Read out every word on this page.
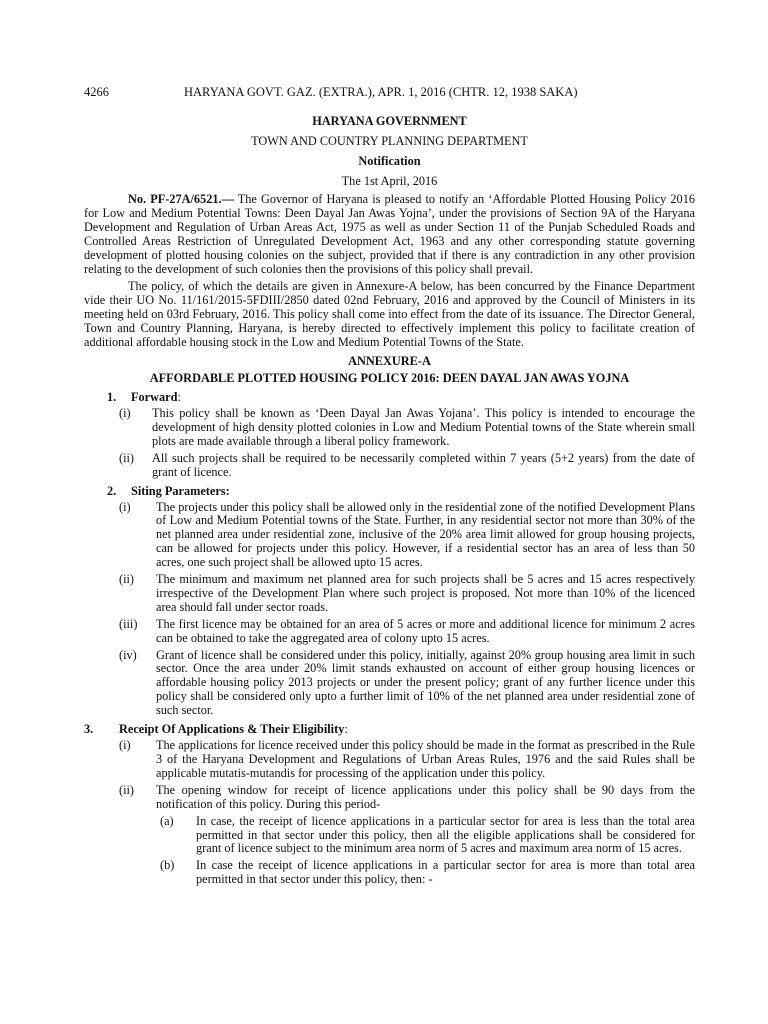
4266	HARYANA GOVT. GAZ. (EXTRA.), APR. 1, 2016 (CHTR. 12, 1938 SAKA)
HARYANA GOVERNMENT
TOWN AND COUNTRY PLANNING DEPARTMENT
Notification
The 1st April, 2016

No. PF-27A/6521.— The Governor of Haryana is pleased to notify an ‘Affordable Plotted Housing Policy 2016 for Low and Medium Potential Towns: Deen Dayal Jan Awas Yojna’, under the provisions of Section 9A of the Haryana Development and Regulation of Urban Areas Act, 1975 as well as under Section 11 of the Punjab Scheduled Roads and Controlled Areas Restriction of Unregulated Development Act, 1963 and any other corresponding statute governing development of plotted housing colonies on the subject, provided that if there is any contradiction in any other provision relating to the development of such colonies then the provisions of this policy shall prevail.

The policy, of which the details are given in Annexure-A below, has been concurred by the Finance Department vide their UO No. 11/161/2015-5FDIII/2850 dated 02nd February, 2016 and approved by the Council of Ministers in its meeting held on 03rd February, 2016. This policy shall come into effect from the date of its issuance. The Director General, Town and Country Planning, Haryana, is hereby directed to effectively implement this policy to facilitate creation of additional affordable housing stock in the Low and Medium Potential Towns of the State.

ANNEXURE-A
AFFORDABLE PLOTTED HOUSING POLICY 2016: DEEN DAYAL JAN AWAS YOJNA
1.	Forward :
(i)	This policy shall be known as ‘Deen Dayal Jan Awas Yojana’. This policy is intended to encourage the development of high density plotted colonies in Low and Medium Potential towns of the State wherein small plots are made available through a liberal policy framework.
(ii)	All such projects shall be required to be necessarily completed within 7 years (5+2 years) from the date of grant of licence.
2.	Siting Parameters:
(i)	The projects under this policy shall be allowed only in the residential zone of the notified Development Plans of Low and Medium Potential towns of the State. Further, in any residential sector not more than 30% of the net planned area under residential zone, inclusive of the 20% area limit allowed for group housing projects, can be allowed for projects under this policy. However, if a residential sector has an area of less than 50 acres, one such project shall be allowed upto 15 acres.
(ii)	The minimum and maximum net planned area for such projects shall be 5 acres and 15 acres respectively irrespective of the Development Plan where such project is proposed. Not more than 10% of the licenced area should fall under sector roads.
(iii)	The first licence may be obtained for an area of 5 acres or more and additional licence for minimum 2 acres can be obtained to take the aggregated area of colony upto 15 acres.
(iv)	Grant of licence shall be considered under this policy, initially, against 20% group housing area limit in such sector. Once the area under 20% limit stands exhausted on account of either group housing licences or affordable housing policy 2013 projects or under the present policy; grant of any further licence under this policy shall be considered only upto a further limit of 10% of the net planned area under residential zone of such sector.
3.	Receipt Of Applications & Their Eligibility :
(i)	The applications for licence received under this policy should be made in the format as prescribed in the Rule 3 of the Haryana Development and Regulations of Urban Areas Rules, 1976 and the said Rules shall be applicable mutatis-mutandis for processing of the application under this policy.
(ii)	The opening window for receipt of licence applications under this policy shall be 90 days from the notification of this policy. During this period-
(a)	In case, the receipt of licence applications in a particular sector for area is less than the total area permitted in that sector under this policy, then all the eligible applications shall be considered for grant of licence subject to the minimum area norm of 5 acres and maximum area norm of 15 acres.
(b)	In case the receipt of licence applications in a particular sector for area is more than total area permitted in that sector under this policy, then: -
